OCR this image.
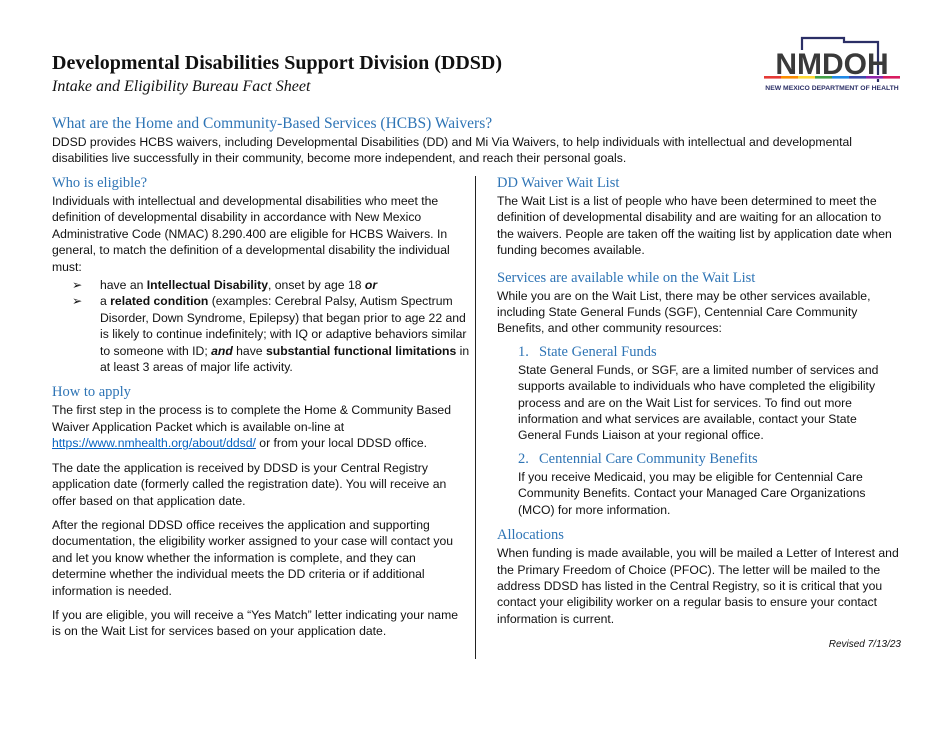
Developmental Disabilities Support Division (DDSD)
Intake and Eligibility Bureau Fact Sheet
NMDOH
NEW MEXICO DEPARTMENT OF HEALTH
What are the Home and Community-Based Services (HCBS) Waivers?

DDSD provides HCBS waivers, including Developmental Disabilities (DD) and Mi Via Waivers, to help individuals with intellectual and developmental disabilities live successfully in their community, become more independent, and reach their personal goals.

Who is eligible?

Individuals with intellectual and developmental disabilities who meet the definition of developmental disability in accordance with New Mexico Administrative Code (NMAC) 8.290.400 are eligible for HCBS Waivers. In general, to match the definition of a developmental disability the individual must:

➢ have an Intellectual Disability, onset by age 18 or
➢ a related condition (examples: Cerebral Palsy, Autism Spectrum Disorder, Down Syndrome, Epilepsy) that began prior to age 22 and is likely to continue indefinitely; with IQ or adaptive behaviors similar to someone with ID; and have substantial functional limitations in at least 3 areas of major life activity.
How to apply

The first step in the process is to complete the Home & Community Based Waiver Application Packet which is available on-line at https://www.nmhealth.org/about/ddsd/ or from your local DDSD office.

The date the application is received by DDSD is your Central Registry application date (formerly called the registration date). You will receive an offer based on that application date.

After the regional DDSD office receives the application and supporting documentation, the eligibility worker assigned to your case will contact you and let you know whether the information is complete, and they can determine whether the individual meets the DD criteria or if additional information is needed.

If you are eligible, you will receive a “Yes Match” letter indicating your name is on the Wait List for services based on your application date.

DD Waiver Wait List

The Wait List is a list of people who have been determined to meet the definition of developmental disability and are waiting for an allocation to the waivers. People are taken off the waiting list by application date when funding becomes available.

Services are available while on the Wait List

While you are on the Wait List, there may be other services available, including State General Funds (SGF), Centennial Care Community Benefits, and other community resources:

1. State General Funds

State General Funds, or SGF, are a limited number of services and supports available to individuals who have completed the eligibility process and are on the Wait List for services. To find out more information and what services are available, contact your State General Funds Liaison at your regional office.

2. Centennial Care Community Benefits

If you receive Medicaid, you may be eligible for Centennial Care Community Benefits. Contact your Managed Care Organizations (MCO) for more information.

Allocations

When funding is made available, you will be mailed a Letter of Interest and the Primary Freedom of Choice (PFOC). The letter will be mailed to the address DDSD has listed in the Central Registry, so it is critical that you contact your eligibility worker on a regular basis to ensure your contact information is current.

Revised 7/13/23
